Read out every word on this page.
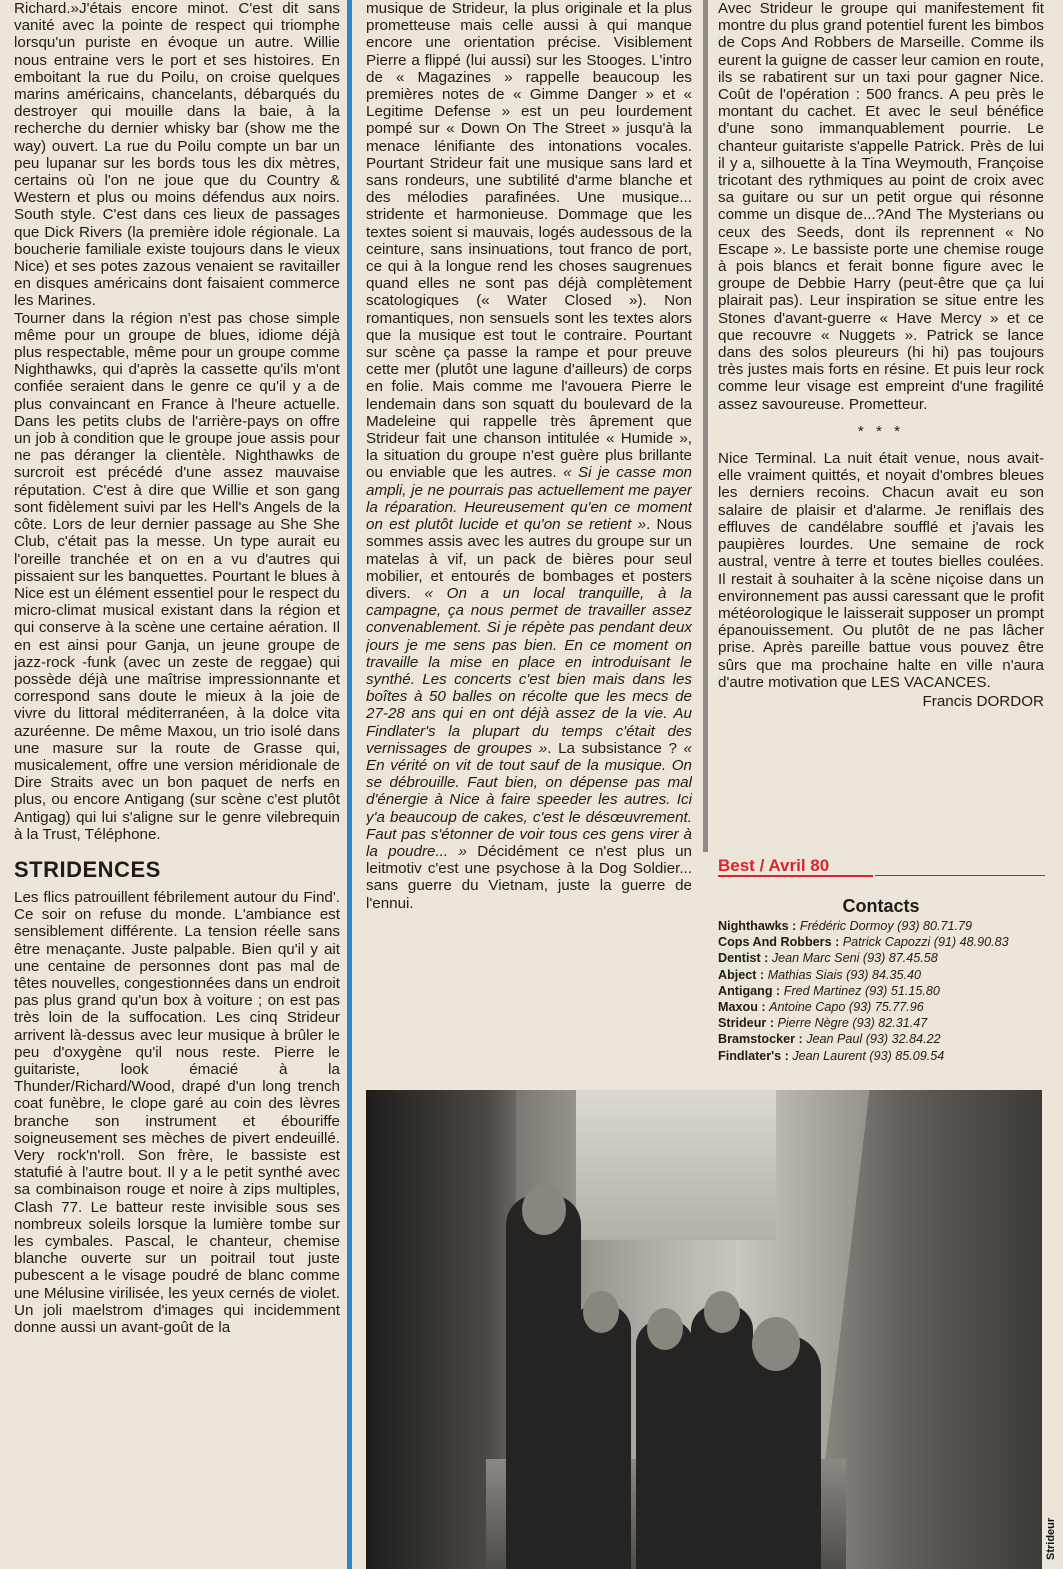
Richard.»J'étais encore minot. C'est dit sans vanité avec la pointe de respect qui triomphe lorsqu'un puriste en évoque un autre. Willie nous entraine vers le port et ses histoires. En emboitant la rue du Poilu, on croise quelques marins américains, chancelants, débarqués du destroyer qui mouille dans la baie, à la recherche du dernier whisky bar (show me the way) ouvert. La rue du Poilu compte un bar un peu lupanar sur les bords tous les dix mètres, certains où l'on ne joue que du Country & Western et plus ou moins défendus aux noirs. South style. C'est dans ces lieux de passages que Dick Rivers (la première idole régionale. La boucherie familiale existe toujours dans le vieux Nice) et ses potes zazous venaient se ravitailler en disques américains dont faisaient commerce les Marines.

Tourner dans la région n'est pas chose simple même pour un groupe de blues, idiome déjà plus respectable, même pour un groupe comme Nighthawks, qui d'après la cassette qu'ils m'ont confiée seraient dans le genre ce qu'il y a de plus convaincant en France à l'heure actuelle. Dans les petits clubs de l'arrière-pays on offre un job à condition que le groupe joue assis pour ne pas déranger la clientèle. Nighthawks de surcroit est précédé d'une assez mauvaise réputation. C'est à dire que Willie et son gang sont fidèlement suivi par les Hell's Angels de la côte. Lors de leur dernier passage au She She Club, c'était pas la messe. Un type aurait eu l'oreille tranchée et on en a vu d'autres qui pissaient sur les banquettes. Pourtant le blues à Nice est un élément essentiel pour le respect du micro-climat musical existant dans la région et qui conserve à la scène une certaine aération. Il en est ainsi pour Ganja, un jeune groupe de jazz-rock -funk (avec un zeste de reggae) qui possède déjà une maîtrise impressionnante et correspond sans doute le mieux à la joie de vivre du littoral méditerranéen, à la dolce vita azuréenne. De même Maxou, un trio isolé dans une masure sur la route de Grasse qui, musicalement, offre une version méridionale de Dire Straits avec un bon paquet de nerfs en plus, ou encore Antigang (sur scène c'est plutôt Antigag) qui lui s'aligne sur le genre vilebrequin à la Trust, Téléphone.

STRIDENCES

Les flics patrouillent fébrilement autour du Find'. Ce soir on refuse du monde. L'ambiance est sensiblement différente. La tension réelle sans être menaçante. Juste palpable. Bien qu'il y ait une centaine de personnes dont pas mal de têtes nouvelles, congestionnées dans un endroit pas plus grand qu'un box à voiture ; on est pas très loin de la suffocation. Les cinq Strideur arrivent là-dessus avec leur musique à brûler le peu d'oxygène qu'il nous reste. Pierre le guitariste, look émacié à la Thunder/Richard/Wood, drapé d'un long trench coat funèbre, le clope garé au coin des lèvres branche son instrument et ébouriffe soigneusement ses mèches de pivert endeuillé. Very rock'n'roll. Son frère, le bassiste est statufié à l'autre bout. Il y a le petit synthé avec sa combinaison rouge et noire à zips multiples, Clash 77. Le batteur reste invisible sous ses nombreux soleils lorsque la lumière tombe sur les cymbales. Pascal, le chanteur, chemise blanche ouverte sur un poitrail tout juste pubescent a le visage poudré de blanc comme une Mélusine virilisée, les yeux cernés de violet. Un joli maelstrom d'images qui incidemment donne aussi un avant-goût de la

musique de Strideur, la plus originale et la plus prometteuse mais celle aussi à qui manque encore une orientation précise. Visiblement Pierre a flippé (lui aussi) sur les Stooges. L'intro de « Magazines » rappelle beaucoup les premières notes de « Gimme Danger » et « Legitime Defense » est un peu lourdement pompé sur « Down On The Street » jusqu'à la menace lénifiante des intonations vocales. Pourtant Strideur fait une musique sans lard et sans rondeurs, une subtilité d'arme blanche et des mélodies parafinées. Une musique... stridente et harmonieuse. Dommage que les textes soient si mauvais, logés audessous de la ceinture, sans insinuations, tout franco de port, ce qui à la longue rend les choses saugrenues quand elles ne sont pas déjà complètement scatologiques (« Water Closed »). Non romantiques, non sensuels sont les textes alors que la musique est tout le contraire. Pourtant sur scène ça passe la rampe et pour preuve cette mer (plutôt une lagune d'ailleurs) de corps en folie. Mais comme me l'avouera Pierre le lendemain dans son squatt du boulevard de la Madeleine qui rappelle très âprement que Strideur fait une chanson intitulée « Humide », la situation du groupe n'est guère plus brillante ou enviable que les autres. « Si je casse mon ampli, je ne pourrais pas actuellement me payer la réparation. Heureusement qu'en ce moment on est plutôt lucide et qu'on se retient ». Nous sommes assis avec les autres du groupe sur un matelas à vif, un pack de bières pour seul mobilier, et entourés de bombages et posters divers. « On a un local tranquille, à la campagne, ça nous permet de travailler assez convenablement. Si je répète pas pendant deux jours je me sens pas bien. En ce moment on travaille la mise en place en introduisant le synthé. Les concerts c'est bien mais dans les boîtes à 50 balles on récolte que les mecs de 27-28 ans qui en ont déjà assez de la vie. Au Findlater's la plupart du temps c'était des vernissages de groupes ». La subsistance ? « En vérité on vit de tout sauf de la musique. On se débrouille. Faut bien, on dépense pas mal d'énergie à Nice à faire speeder les autres. Ici y'a beaucoup de cakes, c'est le désœuvrement. Faut pas s'étonner de voir tous ces gens virer à la poudre... » Décidément ce n'est plus un leitmotiv c'est une psychose à la Dog Soldier... sans guerre du Vietnam, juste la guerre de l'ennui.

Avec Strideur le groupe qui manifestement fit montre du plus grand potentiel furent les bimbos de Cops And Robbers de Marseille. Comme ils eurent la guigne de casser leur camion en route, ils se rabatirent sur un taxi pour gagner Nice. Coût de l'opération : 500 francs. A peu près le montant du cachet. Et avec le seul bénéfice d'une sono immanquablement pourrie. Le chanteur guitariste s'appelle Patrick. Près de lui il y a, silhouette à la Tina Weymouth, Françoise tricotant des rythmiques au point de croix avec sa guitare ou sur un petit orgue qui résonne comme un disque de...?And The Mysterians ou ceux des Seeds, dont ils reprennent « No Escape ». Le bassiste porte une chemise rouge à pois blancs et ferait bonne figure avec le groupe de Debbie Harry (peut-être que ça lui plairait pas). Leur inspiration se situe entre les Stones d'avant-guerre « Have Mercy » et ce que recouvre « Nuggets ». Patrick se lance dans des solos pleureurs (hi hi) pas toujours très justes mais forts en résine. Et puis leur rock comme leur visage est empreint d'une fragilité assez savoureuse. Prometteur.

* * *

Nice Terminal. La nuit était venue, nous avait-elle vraiment quittés, et noyait d'ombres bleues les derniers recoins. Chacun avait eu son salaire de plaisir et d'alarme. Je reniflais des effluves de candélabre soufflé et j'avais les paupières lourdes. Une semaine de rock austral, ventre à terre et toutes bielles coulées. Il restait à souhaiter à la scène niçoise dans un environnement pas aussi caressant que le profit météorologique le laisserait supposer un prompt épanouissement. Ou plutôt de ne pas lâcher prise. Après pareille battue vous pouvez être sûrs que ma prochaine halte en ville n'aura d'autre motivation que LES VACANCES.

Francis DORDOR
Best / Avril 80
Contacts
Nighthawks : Frédéric Dormoy (93) 80.71.79
Cops And Robbers : Patrick Capozzi (91) 48.90.83
Dentist : Jean Marc Seni (93) 87.45.58
Abject : Mathias Siais (93) 84.35.40
Antigang : Fred Martinez (93) 51.15.80
Maxou : Antoine Capo (93) 75.77.96
Strideur : Pierre Nègre (93) 82.31.47
Bramstocker : Jean Paul (93) 32.84.22
Findlater's : Jean Laurent (93) 85.09.54
Strideur
